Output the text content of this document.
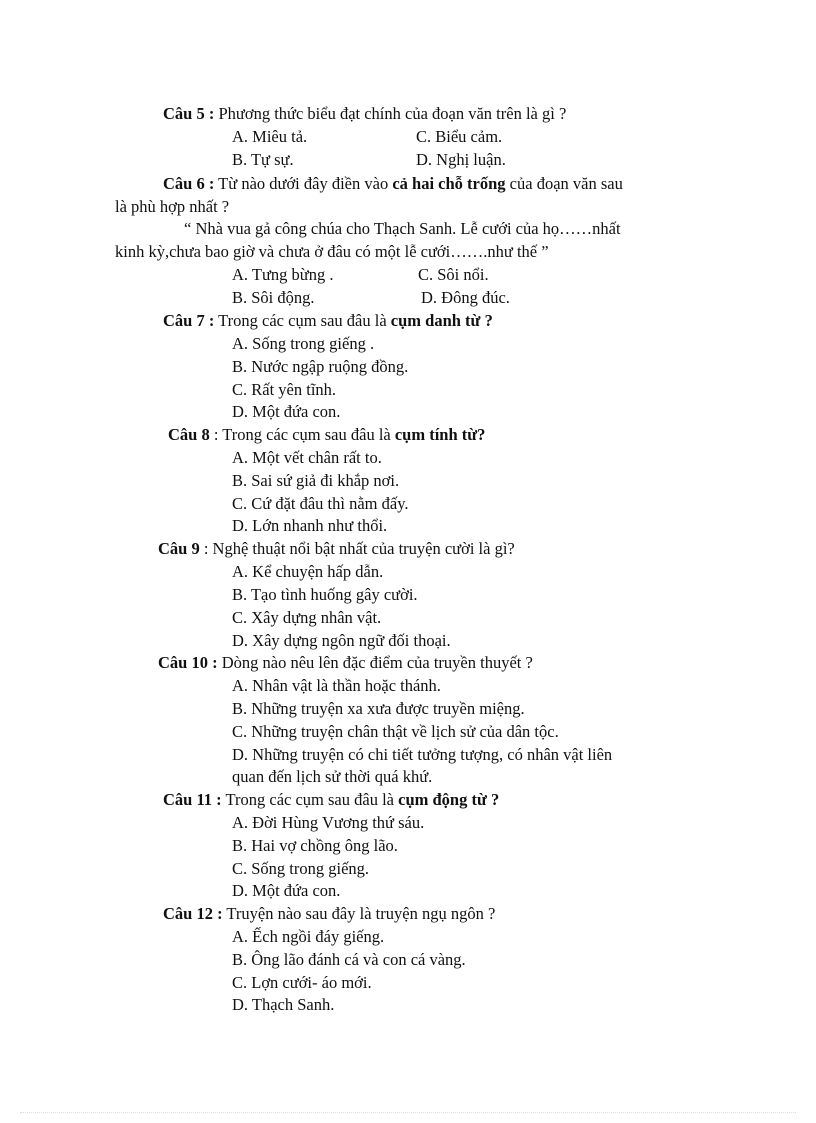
Câu 5 : Phương thức biểu đạt chính của đoạn văn trên là gì ?
A. Miêu tả.	C. Biểu cảm.
B. Tự sự.	D. Nghị luận.
Câu 6 : Từ nào dưới đây điền vào cả hai chỗ trống của đoạn văn sau
là phù hợp nhất ?
“ Nhà vua gả công chúa cho Thạch Sanh. Lễ cưới của họ……nhất
kinh kỳ,chưa bao giờ và chưa ở đâu có một lễ cưới…….như thế ”
A. Tưng bừng .	C. Sôi nổi.
B. Sôi động.	D. Đông đúc.
Câu 7 : Trong các cụm sau đâu là cụm danh từ ?
A. Sống trong giếng .
B. Nước ngập ruộng đồng.
C. Rất yên tĩnh.
D. Một đứa con.
Câu 8 : Trong các cụm sau đâu là cụm tính từ?
A. Một vết chân rất to.
B. Sai sứ giả đi khắp nơi.
C. Cứ đặt đâu thì nằm đấy.
D. Lớn nhanh như thổi.
Câu 9 : Nghệ thuật nổi bật nhất của truyện cười là gì?
A. Kể chuyện hấp dẫn.
B. Tạo tình huống gây cười.
C. Xây dựng nhân vật.
D. Xây dựng ngôn ngữ đối thoại.
Câu 10 : Dòng nào nêu lên đặc điểm của truyền thuyết ?
A. Nhân vật là thần hoặc thánh.
B. Những truyện xa xưa được truyền miệng.
C. Những truyện chân thật về lịch sử của dân tộc.
D. Những truyện có chi tiết tưởng tượng, có nhân vật liên
quan đến lịch sử thời quá khứ.
Câu 11 : Trong các cụm sau đâu là cụm động từ ?
A. Đời Hùng Vương thứ sáu.
B. Hai vợ chồng ông lão.
C. Sống trong giếng.
D. Một đứa con.
Câu 12 : Truyện nào sau đây là truyện ngụ ngôn ?
A. Ếch ngồi đáy giếng.
B. Ông lão đánh cá và con cá vàng.
C. Lợn cưới- áo mới.
D. Thạch Sanh.
